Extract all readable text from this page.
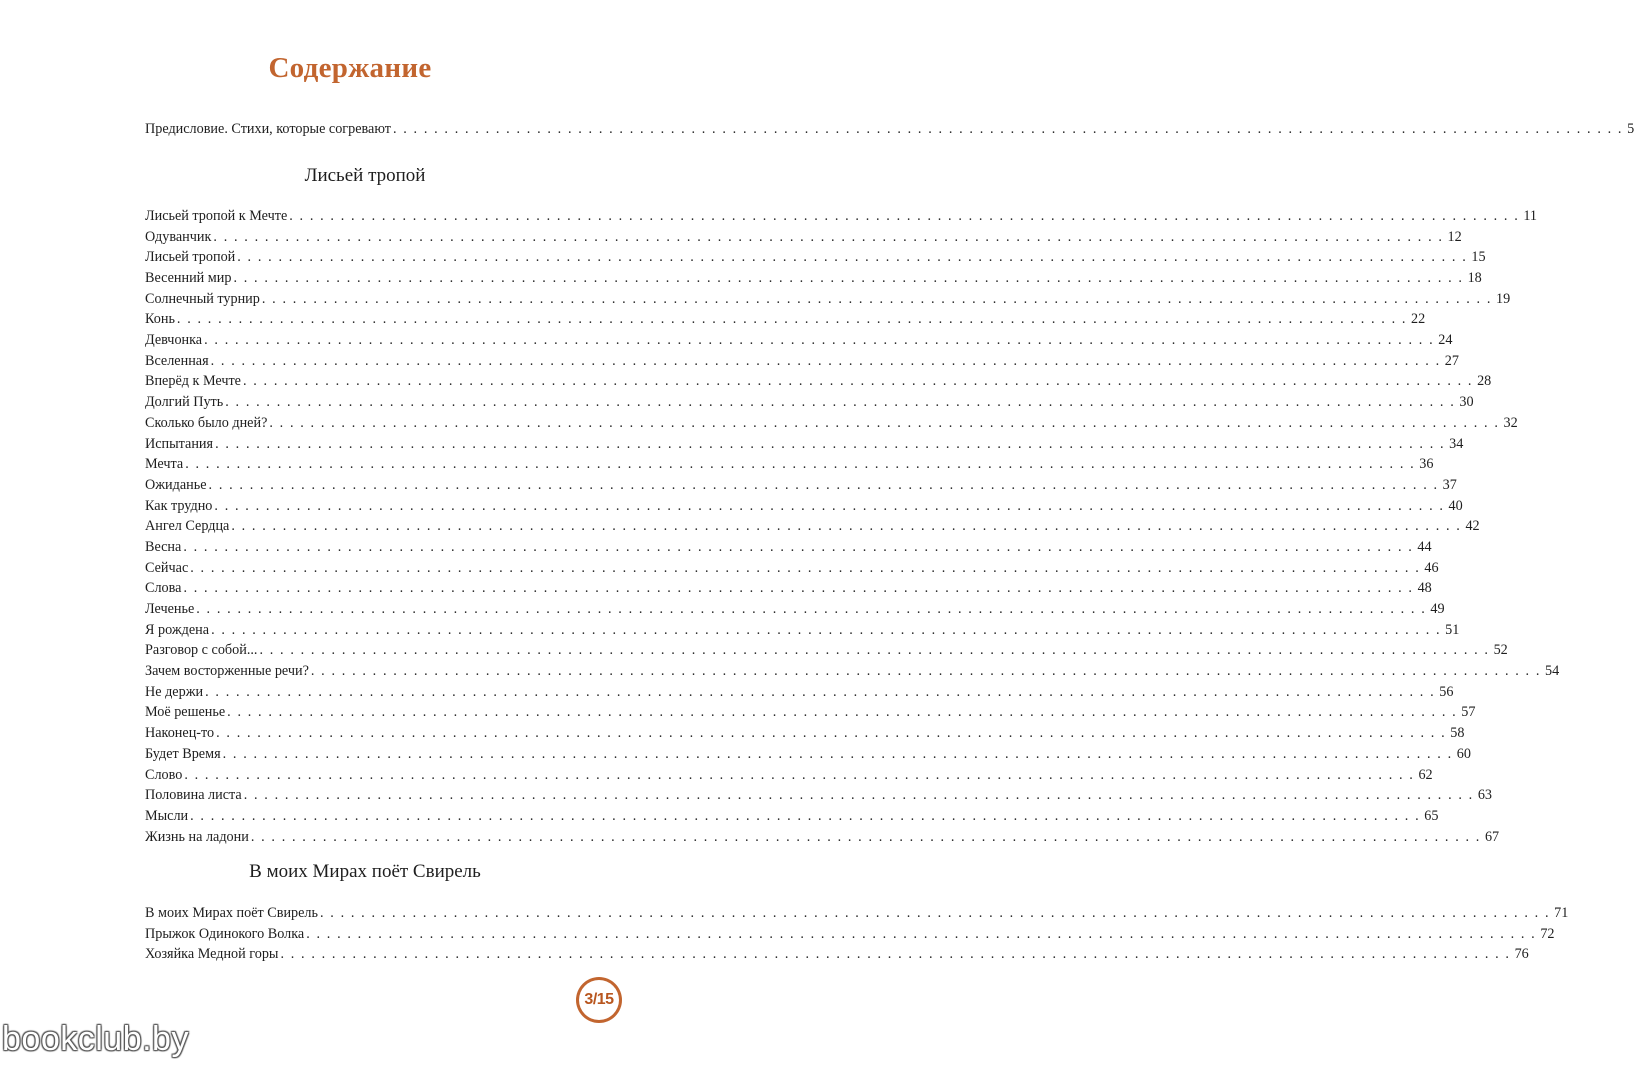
Содержание
Предисловие. Стихи, которые согревают . . . . . . . . . . . . . . . . . . . . . . . . . . . . . . . . . . . . . . . . . . . . . . . . . . . . . . . . . . . . . . . . . . . . . . . . . . . . . . . . . . . . . . . . . . . . . . . . . . . . . . . . . . . . . . . . . . . . . . . . 5
Лисьей тропой
Лисьей тропой к Мечте . . . . . . . . . . . . . . . . . . . . . . . . . . . . . . . . . . . . . . . . . . . . . . . . . . . . . . . . . . . . . . . . . . . . . . . . . . . . . . . . . . . . . . . . . . . . . . . . . . . . . . . . . . . . . . . . . . . . . . . . 11
Одуванчик . . . . . . . . . . . . . . . . . . . . . . . . . . . . . . . . . . . . . . . . . . . . . . . . . . . . . . . . . . . . . . . . . . . . . . . . . . . . . . . . . . . . . . . . . . . . . . . . . . . . . . . . . . . . . . . . . . . . . . . . 12
Лисьей тропой . . . . . . . . . . . . . . . . . . . . . . . . . . . . . . . . . . . . . . . . . . . . . . . . . . . . . . . . . . . . . . . . . . . . . . . . . . . . . . . . . . . . . . . . . . . . . . . . . . . . . . . . . . . . . . . . . . . . . . . . 15
Весенний мир . . . . . . . . . . . . . . . . . . . . . . . . . . . . . . . . . . . . . . . . . . . . . . . . . . . . . . . . . . . . . . . . . . . . . . . . . . . . . . . . . . . . . . . . . . . . . . . . . . . . . . . . . . . . . . . . . . . . . . . . 18
Солнечный турнир . . . . . . . . . . . . . . . . . . . . . . . . . . . . . . . . . . . . . . . . . . . . . . . . . . . . . . . . . . . . . . . . . . . . . . . . . . . . . . . . . . . . . . . . . . . . . . . . . . . . . . . . . . . . . . . . . . . . . . . . 19
Конь . . . . . . . . . . . . . . . . . . . . . . . . . . . . . . . . . . . . . . . . . . . . . . . . . . . . . . . . . . . . . . . . . . . . . . . . . . . . . . . . . . . . . . . . . . . . . . . . . . . . . . . . . . . . . . . . . . . . . . . . 22
Девчонка . . . . . . . . . . . . . . . . . . . . . . . . . . . . . . . . . . . . . . . . . . . . . . . . . . . . . . . . . . . . . . . . . . . . . . . . . . . . . . . . . . . . . . . . . . . . . . . . . . . . . . . . . . . . . . . . . . . . . . . . 24
Вселенная . . . . . . . . . . . . . . . . . . . . . . . . . . . . . . . . . . . . . . . . . . . . . . . . . . . . . . . . . . . . . . . . . . . . . . . . . . . . . . . . . . . . . . . . . . . . . . . . . . . . . . . . . . . . . . . . . . . . . . . . 27
Вперёд к Мечте . . . . . . . . . . . . . . . . . . . . . . . . . . . . . . . . . . . . . . . . . . . . . . . . . . . . . . . . . . . . . . . . . . . . . . . . . . . . . . . . . . . . . . . . . . . . . . . . . . . . . . . . . . . . . . . . . . . . . . . . 28
Долгий Путь . . . . . . . . . . . . . . . . . . . . . . . . . . . . . . . . . . . . . . . . . . . . . . . . . . . . . . . . . . . . . . . . . . . . . . . . . . . . . . . . . . . . . . . . . . . . . . . . . . . . . . . . . . . . . . . . . . . . . . . . 30
Сколько было дней? . . . . . . . . . . . . . . . . . . . . . . . . . . . . . . . . . . . . . . . . . . . . . . . . . . . . . . . . . . . . . . . . . . . . . . . . . . . . . . . . . . . . . . . . . . . . . . . . . . . . . . . . . . . . . . . . . . . . . . . . 32
Испытания . . . . . . . . . . . . . . . . . . . . . . . . . . . . . . . . . . . . . . . . . . . . . . . . . . . . . . . . . . . . . . . . . . . . . . . . . . . . . . . . . . . . . . . . . . . . . . . . . . . . . . . . . . . . . . . . . . . . . . . . 34
Мечта . . . . . . . . . . . . . . . . . . . . . . . . . . . . . . . . . . . . . . . . . . . . . . . . . . . . . . . . . . . . . . . . . . . . . . . . . . . . . . . . . . . . . . . . . . . . . . . . . . . . . . . . . . . . . . . . . . . . . . . . 36
Ожиданье . . . . . . . . . . . . . . . . . . . . . . . . . . . . . . . . . . . . . . . . . . . . . . . . . . . . . . . . . . . . . . . . . . . . . . . . . . . . . . . . . . . . . . . . . . . . . . . . . . . . . . . . . . . . . . . . . . . . . . . . 37
Как трудно . . . . . . . . . . . . . . . . . . . . . . . . . . . . . . . . . . . . . . . . . . . . . . . . . . . . . . . . . . . . . . . . . . . . . . . . . . . . . . . . . . . . . . . . . . . . . . . . . . . . . . . . . . . . . . . . . . . . . . . . 40
Ангел Сердца . . . . . . . . . . . . . . . . . . . . . . . . . . . . . . . . . . . . . . . . . . . . . . . . . . . . . . . . . . . . . . . . . . . . . . . . . . . . . . . . . . . . . . . . . . . . . . . . . . . . . . . . . . . . . . . . . . . . . . . . 42
Весна . . . . . . . . . . . . . . . . . . . . . . . . . . . . . . . . . . . . . . . . . . . . . . . . . . . . . . . . . . . . . . . . . . . . . . . . . . . . . . . . . . . . . . . . . . . . . . . . . . . . . . . . . . . . . . . . . . . . . . . . 44
Сейчас . . . . . . . . . . . . . . . . . . . . . . . . . . . . . . . . . . . . . . . . . . . . . . . . . . . . . . . . . . . . . . . . . . . . . . . . . . . . . . . . . . . . . . . . . . . . . . . . . . . . . . . . . . . . . . . . . . . . . . . . 46
Слова . . . . . . . . . . . . . . . . . . . . . . . . . . . . . . . . . . . . . . . . . . . . . . . . . . . . . . . . . . . . . . . . . . . . . . . . . . . . . . . . . . . . . . . . . . . . . . . . . . . . . . . . . . . . . . . . . . . . . . . . 48
Леченье . . . . . . . . . . . . . . . . . . . . . . . . . . . . . . . . . . . . . . . . . . . . . . . . . . . . . . . . . . . . . . . . . . . . . . . . . . . . . . . . . . . . . . . . . . . . . . . . . . . . . . . . . . . . . . . . . . . . . . . . 49
Я рождена . . . . . . . . . . . . . . . . . . . . . . . . . . . . . . . . . . . . . . . . . . . . . . . . . . . . . . . . . . . . . . . . . . . . . . . . . . . . . . . . . . . . . . . . . . . . . . . . . . . . . . . . . . . . . . . . . . . . . . . . 51
Разговор с собой... . . . . . . . . . . . . . . . . . . . . . . . . . . . . . . . . . . . . . . . . . . . . . . . . . . . . . . . . . . . . . . . . . . . . . . . . . . . . . . . . . . . . . . . . . . . . . . . . . . . . . . . . . . . . . . . . . . . . . . . . 52
Зачем восторженные речи? . . . . . . . . . . . . . . . . . . . . . . . . . . . . . . . . . . . . . . . . . . . . . . . . . . . . . . . . . . . . . . . . . . . . . . . . . . . . . . . . . . . . . . . . . . . . . . . . . . . . . . . . . . . . . . . . . . . . . . . . 54
Не держи . . . . . . . . . . . . . . . . . . . . . . . . . . . . . . . . . . . . . . . . . . . . . . . . . . . . . . . . . . . . . . . . . . . . . . . . . . . . . . . . . . . . . . . . . . . . . . . . . . . . . . . . . . . . . . . . . . . . . . . . 56
Моё решенье . . . . . . . . . . . . . . . . . . . . . . . . . . . . . . . . . . . . . . . . . . . . . . . . . . . . . . . . . . . . . . . . . . . . . . . . . . . . . . . . . . . . . . . . . . . . . . . . . . . . . . . . . . . . . . . . . . . . . . . . 57
Наконец-то . . . . . . . . . . . . . . . . . . . . . . . . . . . . . . . . . . . . . . . . . . . . . . . . . . . . . . . . . . . . . . . . . . . . . . . . . . . . . . . . . . . . . . . . . . . . . . . . . . . . . . . . . . . . . . . . . . . . . . . . 58
Будет Время . . . . . . . . . . . . . . . . . . . . . . . . . . . . . . . . . . . . . . . . . . . . . . . . . . . . . . . . . . . . . . . . . . . . . . . . . . . . . . . . . . . . . . . . . . . . . . . . . . . . . . . . . . . . . . . . . . . . . . . . 60
Слово . . . . . . . . . . . . . . . . . . . . . . . . . . . . . . . . . . . . . . . . . . . . . . . . . . . . . . . . . . . . . . . . . . . . . . . . . . . . . . . . . . . . . . . . . . . . . . . . . . . . . . . . . . . . . . . . . . . . . . . . 62
Половина листа . . . . . . . . . . . . . . . . . . . . . . . . . . . . . . . . . . . . . . . . . . . . . . . . . . . . . . . . . . . . . . . . . . . . . . . . . . . . . . . . . . . . . . . . . . . . . . . . . . . . . . . . . . . . . . . . . . . . . . . . 63
Мысли . . . . . . . . . . . . . . . . . . . . . . . . . . . . . . . . . . . . . . . . . . . . . . . . . . . . . . . . . . . . . . . . . . . . . . . . . . . . . . . . . . . . . . . . . . . . . . . . . . . . . . . . . . . . . . . . . . . . . . . . 65
Жизнь на ладони . . . . . . . . . . . . . . . . . . . . . . . . . . . . . . . . . . . . . . . . . . . . . . . . . . . . . . . . . . . . . . . . . . . . . . . . . . . . . . . . . . . . . . . . . . . . . . . . . . . . . . . . . . . . . . . . . . . . . . . . 67
В моих Мирах поёт Свирель
В моих Мирах поёт Свирель . . . . . . . . . . . . . . . . . . . . . . . . . . . . . . . . . . . . . . . . . . . . . . . . . . . . . . . . . . . . . . . . . . . . . . . . . . . . . . . . . . . . . . . . . . . . . . . . . . . . . . . . . . . . . . . . . . . . . . . . 71
Прыжок Одинокого Волка . . . . . . . . . . . . . . . . . . . . . . . . . . . . . . . . . . . . . . . . . . . . . . . . . . . . . . . . . . . . . . . . . . . . . . . . . . . . . . . . . . . . . . . . . . . . . . . . . . . . . . . . . . . . . . . . . . . . . . . . 72
Хозяйка Медной горы . . . . . . . . . . . . . . . . . . . . . . . . . . . . . . . . . . . . . . . . . . . . . . . . . . . . . . . . . . . . . . . . . . . . . . . . . . . . . . . . . . . . . . . . . . . . . . . . . . . . . . . . . . . . . . . . . . . . . . . . 76
3/15
bookclub.by
